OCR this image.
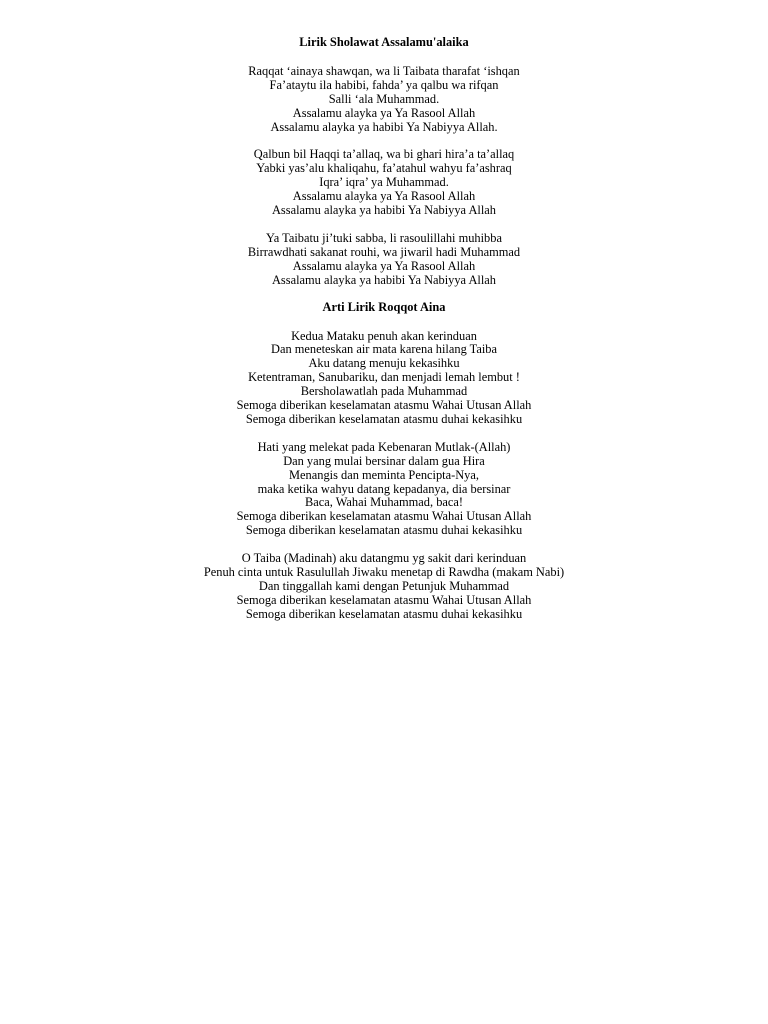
Lirik Sholawat Assalamu'alaika
Raqqat ‘ainaya shawqan, wa li Taibata tharafat ‘ishqan
Fa’ataytu ila habibi, fahda’ ya qalbu wa rifqan
Salli ‘ala Muhammad.
Assalamu alayka ya Ya Rasool Allah
Assalamu alayka ya habibi Ya Nabiyya Allah.
Qalbun bil Haqqi ta’allaq, wa bi ghari hira’a ta’allaq
Yabki yas’alu khaliqahu, fa’atahul wahyu fa’ashraq
Iqra’ iqra’ ya Muhammad.
Assalamu alayka ya Ya Rasool Allah
Assalamu alayka ya habibi Ya Nabiyya Allah
Ya Taibatu ji’tuki sabba, li rasoulillahi muhibba
Birrawdhati sakanat rouhi, wa jiwaril hadi Muhammad
Assalamu alayka ya Ya Rasool Allah
Assalamu alayka ya habibi Ya Nabiyya Allah
Arti Lirik Roqqot Aina
Kedua Mataku penuh akan kerinduan
Dan meneteskan air mata karena hilang Taiba
Aku datang menuju kekasihku
Ketentraman, Sanubariku, dan menjadi lemah lembut !
Bersholawatlah pada Muhammad
Semoga diberikan keselamatan atasmu Wahai Utusan Allah
Semoga diberikan keselamatan atasmu duhai kekasihku
Hati yang melekat pada Kebenaran Mutlak-(Allah)
Dan yang mulai bersinar dalam gua Hira
Menangis dan meminta Pencipta-Nya,
maka ketika wahyu datang kepadanya, dia bersinar
Baca, Wahai Muhammad, baca!
Semoga diberikan keselamatan atasmu Wahai Utusan Allah
Semoga diberikan keselamatan atasmu duhai kekasihku
O Taiba (Madinah) aku datangmu yg sakit dari kerinduan
Penuh cinta untuk Rasulullah Jiwaku menetap di Rawdha (makam Nabi)
Dan tinggallah kami dengan Petunjuk Muhammad
Semoga diberikan keselamatan atasmu Wahai Utusan Allah
Semoga diberikan keselamatan atasmu duhai kekasihku
